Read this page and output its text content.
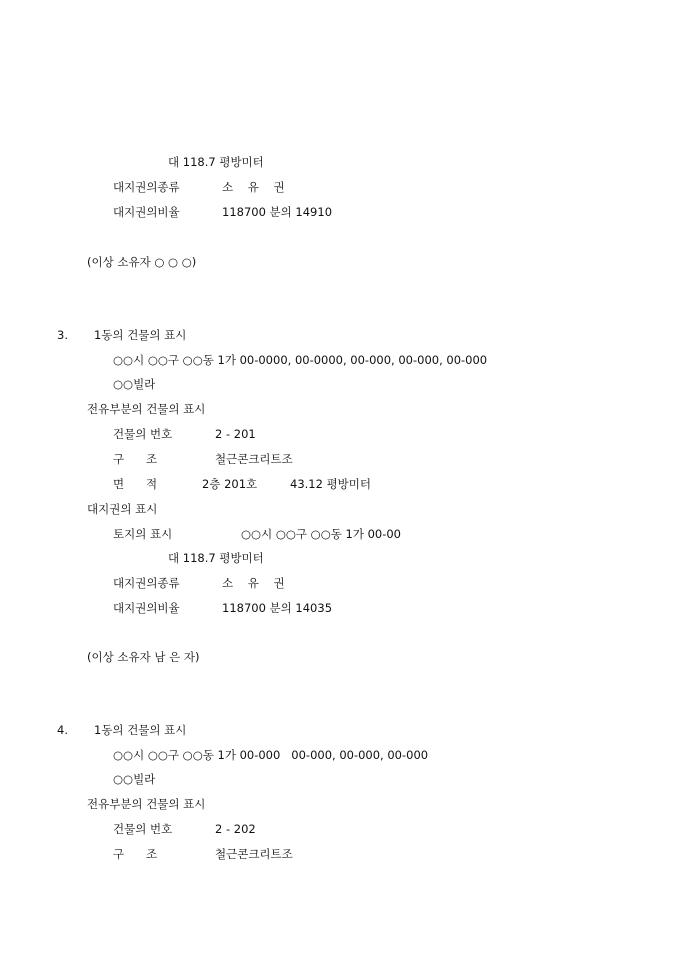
대 118.7 평방미터
대지권의종류	소    유    권
대지권의비율	118700 분의 14910
(이상 소유자 ○ ○ ○)
3. 1동의 건물의 표시
○○시 ○○구 ○○동 1가 00-0000, 00-0000, 00-000, 00-000, 00-000
○○빌라
전유부분의 건물의 표시
건물의 번호	2 - 201
구      조	철근콘크리트조
면      적	2층 201호	43.12 평방미터
대지권의 표시
토지의 표시	○○시 ○○구 ○○동 1가 00-00
대 118.7 평방미터
대지권의종류	소    유    권
대지권의비율	118700 분의 14035
(이상 소유자 남 은 자)
4. 1동의 건물의 표시
○○시 ○○구 ○○동 1가 00-000   00-000, 00-000, 00-000
○○빌라
전유부분의 건물의 표시
건물의 번호	2 - 202
구      조	철근콘크리트조
